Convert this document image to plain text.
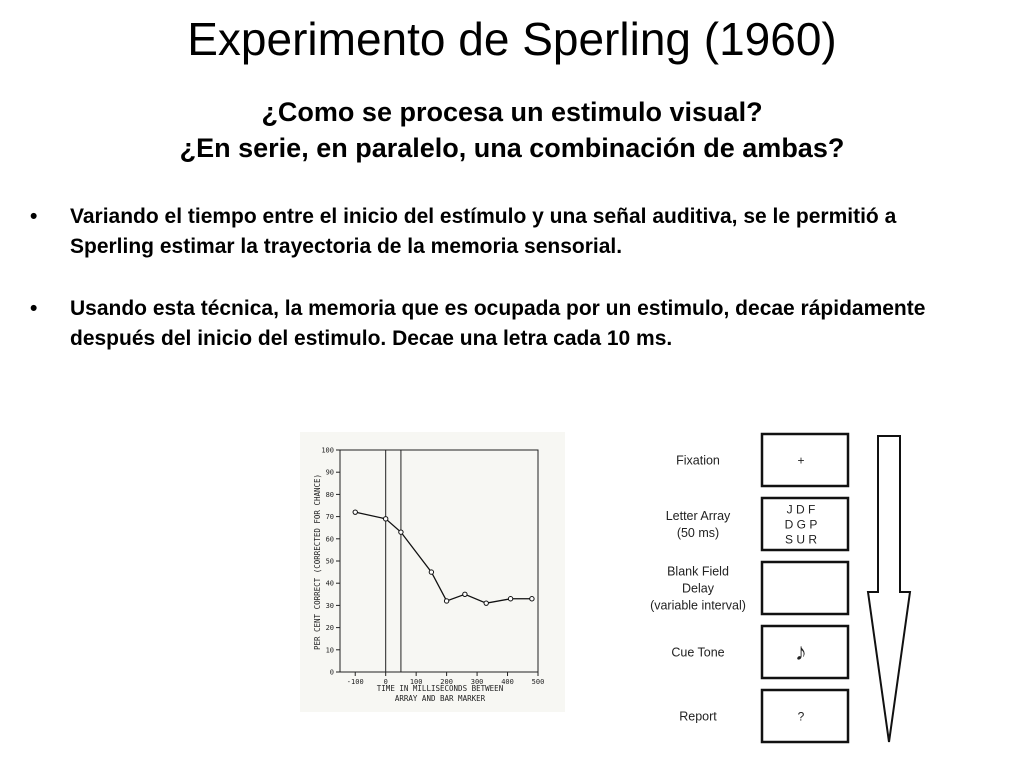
Experimento de Sperling (1960)
¿Como se procesa un estimulo visual?
¿En serie, en paralelo, una combinación de ambas?
• Variando el tiempo entre el inicio del estímulo y una señal auditiva, se le permitió a Sperling estimar la trayectoria de la memoria sensorial.
• Usando esta técnica, la memoria que es ocupada por un estimulo, decae rápidamente después del inicio del estimulo. Decae una letra cada 10 ms.
0
10
20
30
40
50
60
70
80
90
100
-100	0	100	200	300	400	500
PER CENT CORRECT (CORRECTED FOR CHANCE)
TIME IN MILLISECONDS BETWEEN
ARRAY AND BAR MARKER
Fixation	+
Letter Array
(50 ms)
J D F
D G P
S U R
Blank Field
Delay
(variable interval)
Cue Tone	♪
Report	?
